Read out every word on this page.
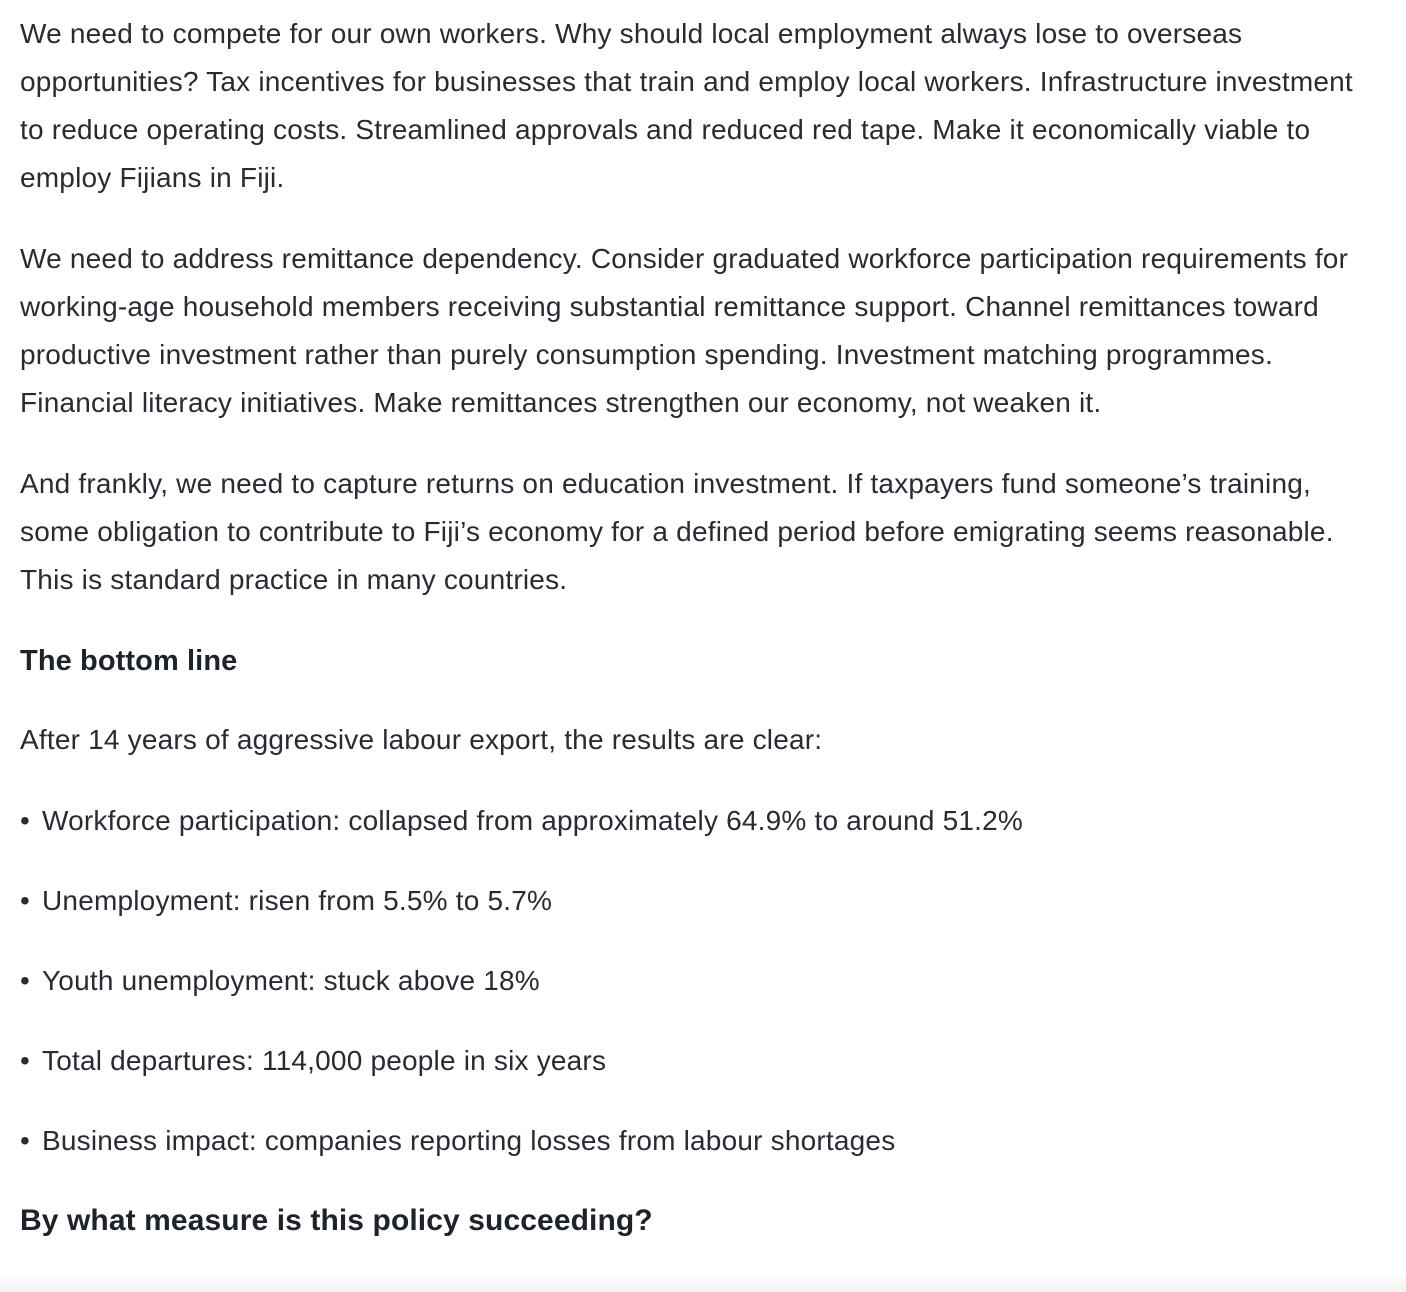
We need to compete for our own workers. Why should local employment always lose to overseas opportunities? Tax incentives for businesses that train and employ local workers. Infrastructure investment to reduce operating costs. Streamlined approvals and reduced red tape. Make it economically viable to employ Fijians in Fiji.

We need to address remittance dependency. Consider graduated workforce participation requirements for working-age household members receiving substantial remittance support. Channel remittances toward productive investment rather than purely consumption spending. Investment matching programmes. Financial literacy initiatives. Make remittances strengthen our economy, not weaken it.

And frankly, we need to capture returns on education investment. If taxpayers fund someone’s training, some obligation to contribute to Fiji’s economy for a defined period before emigrating seems reasonable. This is standard practice in many countries.

The bottom line

After 14 years of aggressive labour export, the results are clear:

• Workforce participation: collapsed from approximately 64.9% to around 51.2%
• Unemployment: risen from 5.5% to 5.7%
• Youth unemployment: stuck above 18%
• Total departures: 114,000 people in six years
• Business impact: companies reporting losses from labour shortages
By what measure is this policy succeeding?
